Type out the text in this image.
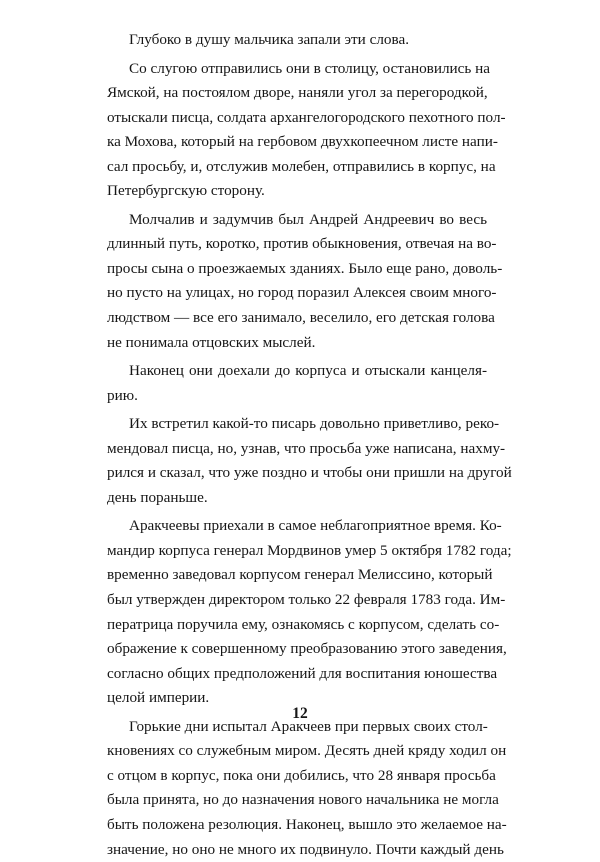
Глубоко в душу мальчика запали эти слова.
Со слугою отправились они в столицу, остановились на
Ямской, на постоялом дворе, наняли угол за перегородкой,
отыскали писца, солдата архангелогородского пехотного пол-
ка Мохова, который на гербовом двухкопеечном листе напи-
сал просьбу, и, отслужив молебен, отправились в корпус, на
Петербургскую сторону.
Молчалив и задумчив был Андрей Андреевич во весь
длинный путь, коротко, против обыкновения, отвечая на во-
просы сына о проезжаемых зданиях. Было еще рано, доволь-
но пусто на улицах, но город поразил Алексея своим много-
людством — все его занимало, веселило, его детская голова
не понимала отцовских мыслей.
Наконец они доехали до корпуса и отыскали канцеля-
рию.
Их встретил какой-то писарь довольно приветливо, реко-
мендовал писца, но, узнав, что просьба уже написана, нахму-
рился и сказал, что уже поздно и чтобы они пришли на другой
день пораньше.
Аракчеевы приехали в самое неблагоприятное время. Ко-
мандир корпуса генерал Мордвинов умер 5 октября 1782 года;
временно заведовал корпусом генерал Мелиссино, который
был утвержден директором только 22 февраля 1783 года. Им-
ператрица поручила ему, ознакомясь с корпусом, сделать со-
ображение к совершенному преобразованию этого заведения,
согласно общих предположений для воспитания юношества
целой империи.
Горькие дни испытал Аракчеев при первых своих стол-
кновениях со служебным миром. Десять дней кряду ходил он
с отцом в корпус, пока они добились, что 28 января просьба
была принята, но до назначения нового начальника не могла
быть положена резолюция. Наконец, вышло это желаемое на-
значение, но оно не много их подвинуло. Почти каждый день
12
